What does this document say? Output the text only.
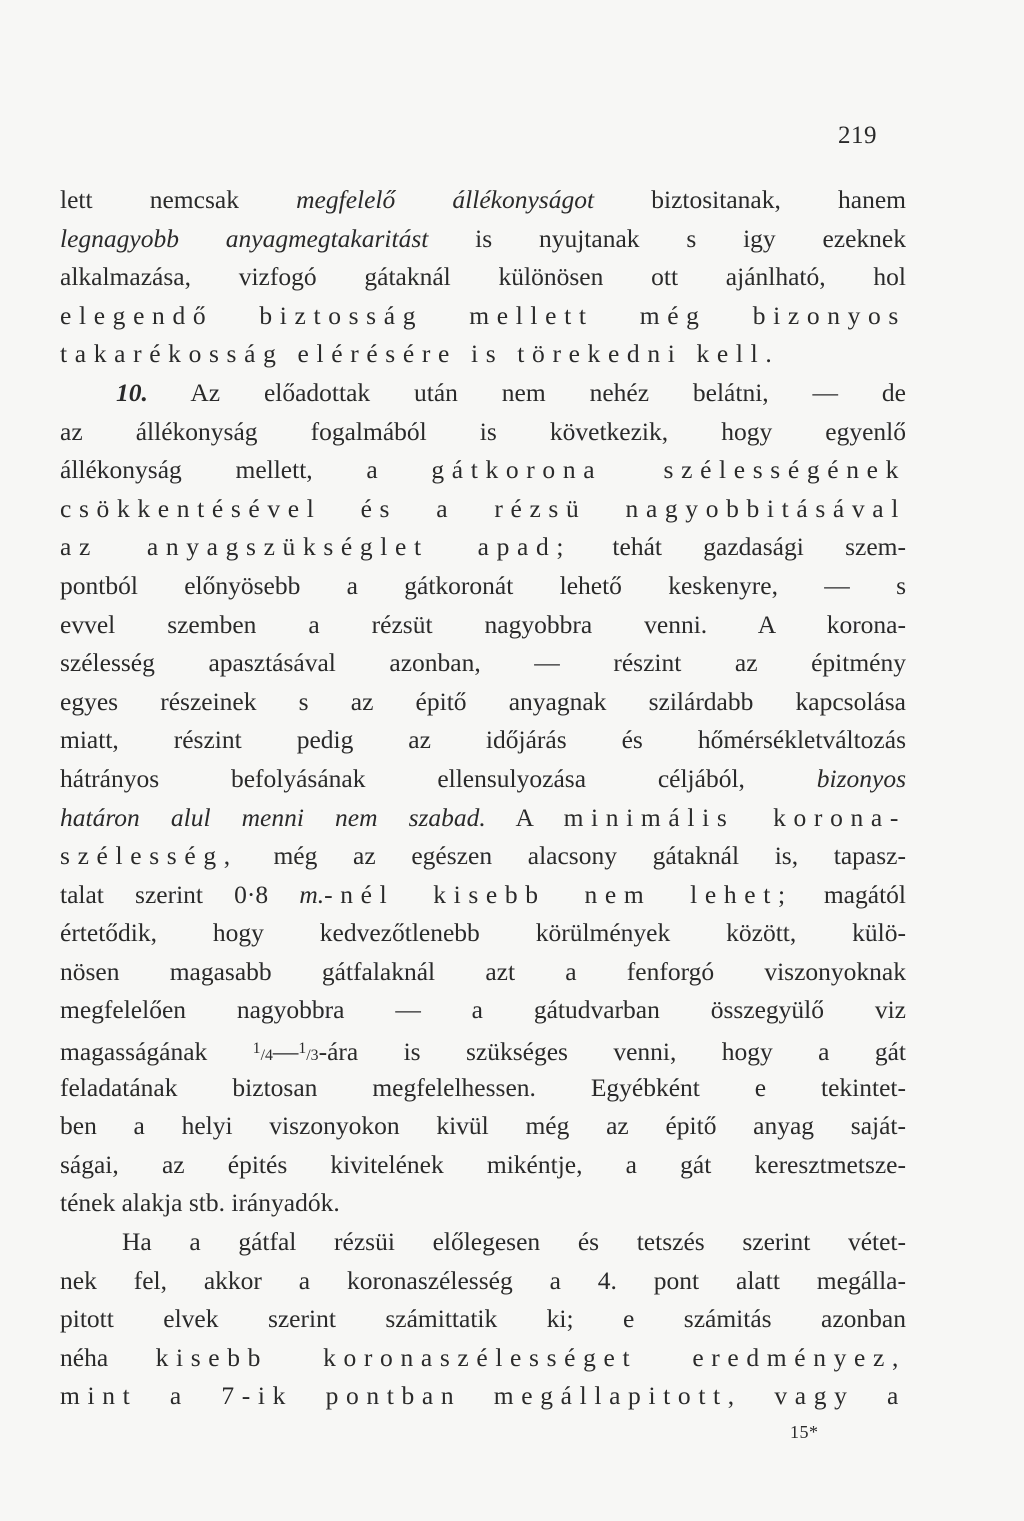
219
lett nemcsak megfelelő állékonyságot biztositanak, hanem
legnagyobb anyagmegtakaritást is nyujtanak s igy ezeknek
alkalmazása, vizfogó gátaknál különösen ott ajánlható, hol
elegendő biztosság mellett még bizonyos
takarékosság elérésére is törekedni kell.
10. Az előadottak után nem nehéz belátni, — de
az állékonyság fogalmából is következik, hogy egyenlő
állékonyság mellett, a gátkorona szélességének
csökkentésével és a rézsü nagyobbitásával
az anyagszükséglet apad; tehát gazdasági szem-
pontból előnyösebb a gátkoronát lehető keskenyre, — s
evvel szemben a rézsüt nagyobbra venni. A korona-
szélesség apasztásával azonban, — részint az épitmény
egyes részeinek s az épitő anyagnak szilárdabb kapcsolása
miatt, részint pedig az időjárás és hőmérsékletváltozás
hátrányos befolyásának ellensulyozása céljából, bizonyos
határon alul menni nem szabad. A minimális korona-
szélesség, még az egészen alacsony gátaknál is, tapasz-
talat szerint 0·8 m.-nél kisebb nem lehet; magától
értetődik, hogy kedvezőtlenebb körülmények között, külö-
nösen magasabb gátfalaknál azt a fenforgó viszonyoknak
megfelelően nagyobbra — a gátudvarban összegyülő viz
magasságának $^1$/4—$^1$/3-ára is szükséges venni, hogy a gát
feladatának biztosan megfelelhessen. Egyébként e tekintet-
ben a helyi viszonyokon kivül még az épitő anyag saját-
ságai, az épités kivitelének mikéntje, a gát keresztmetsze-
tének alakja stb. irányadók.
Ha a gátfal rézsüi előlegesen és tetszés szerint vétet-
nek fel, akkor a koronaszélesség a 4. pont alatt megálla-
pitott elvek szerint számittatik ki; e számitás azonban
néha kisebb koronaszélességet eredményez,
mint a 7-ik pontban megállapitott, vagy a
15*
